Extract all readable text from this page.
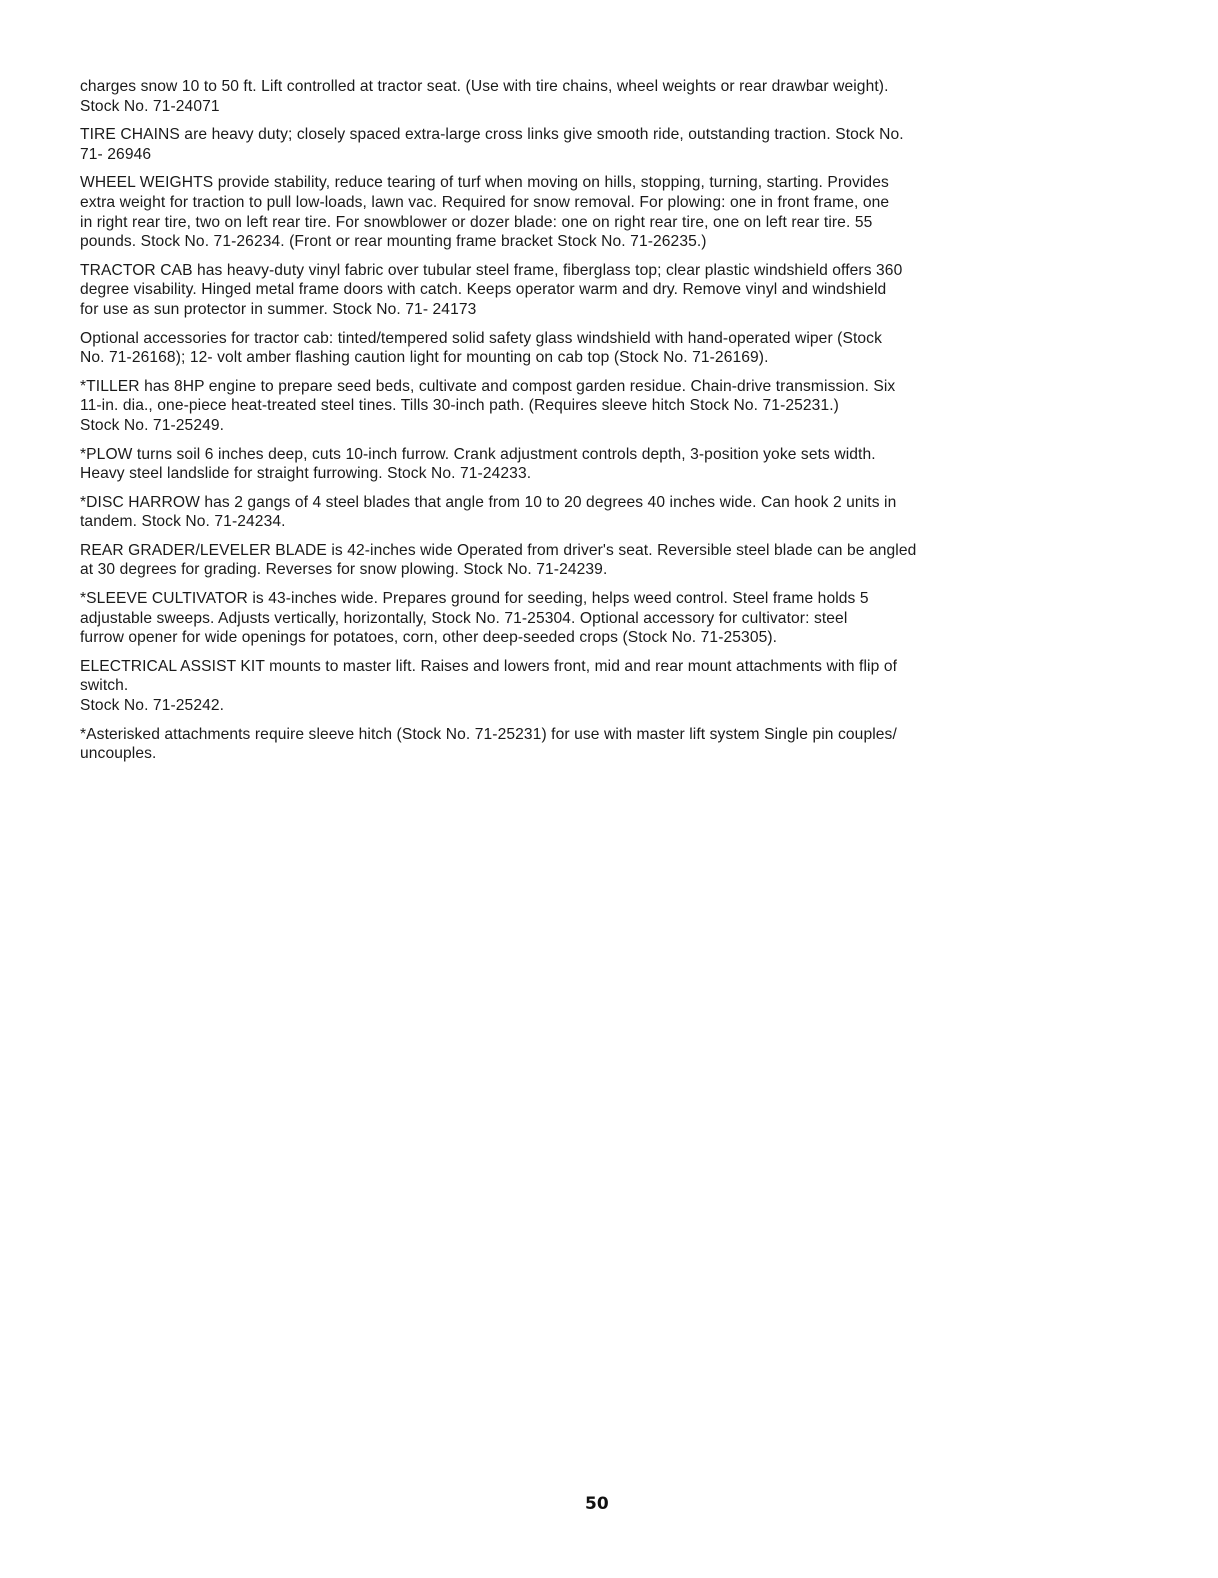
charges snow 10 to 50 ft. Lift controlled at tractor seat. (Use with tire chains, wheel weights or rear drawbar weight).
Stock No. 71-24071

TIRE CHAINS are heavy duty; closely spaced extra-large cross links give smooth ride, outstanding traction. Stock No.
71- 26946

WHEEL WEIGHTS provide stability, reduce tearing of turf when moving on hills, stopping, turning, starting. Provides
extra weight for traction to pull low-loads, lawn vac. Required for snow removal. For plowing: one in front frame, one
in right rear tire, two on left rear tire. For snowblower or dozer blade: one on right rear tire, one on left rear tire. 55
pounds. Stock No. 71-26234. (Front or rear mounting frame bracket Stock No. 71-26235.)

TRACTOR CAB has heavy-duty vinyl fabric over tubular steel frame, fiberglass top; clear plastic windshield offers 360
degree visability. Hinged metal frame doors with catch. Keeps operator warm and dry. Remove vinyl and windshield
for use as sun protector in summer. Stock No. 71- 24173

Optional accessories for tractor cab: tinted/tempered solid safety glass windshield with hand-operated wiper (Stock
No. 71-26168); 12- volt amber flashing caution light for mounting on cab top (Stock No. 71-26169).

*TILLER has 8HP engine to prepare seed beds, cultivate and compost garden residue. Chain-drive transmission. Six
11-in. dia., one-piece heat-treated steel tines. Tills 30-inch path. (Requires sleeve hitch Stock No. 71-25231.)
Stock No. 71-25249.

*PLOW turns soil 6 inches deep, cuts 10-inch furrow. Crank adjustment controls depth, 3-position yoke sets width.
Heavy steel landslide for straight furrowing. Stock No. 71-24233.

*DISC HARROW has 2 gangs of 4 steel blades that angle from 10 to 20 degrees 40 inches wide. Can hook 2 units in
tandem. Stock No. 71-24234.

REAR GRADER/LEVELER BLADE is 42-inches wide Operated from driver's seat. Reversible steel blade can be angled
at 30 degrees for grading. Reverses for snow plowing. Stock No. 71-24239.

*SLEEVE CULTIVATOR is 43-inches wide. Prepares ground for seeding, helps weed control. Steel frame holds 5
adjustable sweeps. Adjusts vertically, horizontally, Stock No. 71-25304. Optional accessory for cultivator: steel
furrow opener for wide openings for potatoes, corn, other deep-seeded crops (Stock No. 71-25305).

ELECTRICAL ASSIST KIT mounts to master lift. Raises and lowers front, mid and rear mount attachments with flip of
switch.
Stock No. 71-25242.

*Asterisked attachments require sleeve hitch (Stock No. 71-25231) for use with master lift system Single pin couples/
uncouples.

50
